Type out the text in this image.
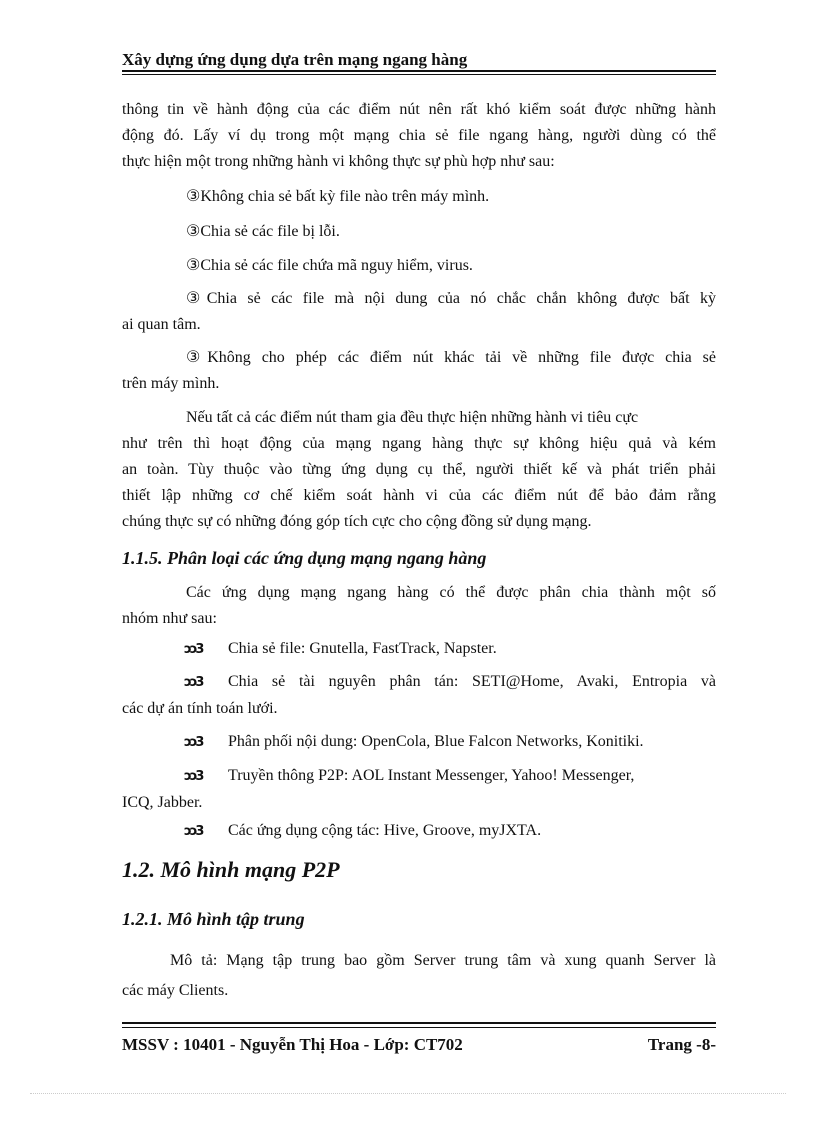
Xây dựng ứng dụng dựa trên mạng ngang hàng
thông tin về hành động của các điểm nút nên rất khó kiểm soát được những hành
động đó. Lấy ví dụ trong một mạng chia sẻ file ngang hàng, người dùng có thể
thực hiện một trong những hành vi không thực sự phù hợp như sau:
③Không chia sẻ bất kỳ file nào trên máy mình.
③Chia sẻ các file bị lỗi.
③Chia sẻ các file chứa mã nguy hiểm, virus.
③Chia sẻ các file mà nội dung của nó chắc chắn không được bất kỳ
ai quan tâm.
③Không cho phép các điểm nút khác tải về những file được chia sẻ
trên máy mình.
Nếu tất cả các điểm nút tham gia đều thực hiện những hành vi tiêu cực
như trên thì hoạt động của mạng ngang hàng thực sự không hiệu quả và kém
an toàn. Tùy thuộc vào từng ứng dụng cụ thể, người thiết kế và phát triển phải
thiết lập những cơ chế kiểm soát hành vi của các điểm nút để bảo đảm rằng
chúng thực sự có những đóng góp tích cực cho cộng đồng sử dụng mạng.
1.1.5. Phân loại các ứng dụng mạng ngang hàng
Các ứng dụng mạng ngang hàng có thể được phân chia thành một số
nhóm như sau:
ↄↄ3 Chia sẻ file: Gnutella, FastTrack, Napster.
ↄↄ3 Chia sẻ tài nguyên phân tán: SETI@Home, Avaki, Entropia và
các dự án tính toán lưới.
ↄↄ3 Phân phối nội dung: OpenCola, Blue Falcon Networks, Konitiki.
ↄↄ3 Truyền thông P2P: AOL Instant Messenger, Yahoo! Messenger,
ICQ, Jabber.
ↄↄ3 Các ứng dụng cộng tác: Hive, Groove, myJXTA.
1.2. Mô hình mạng P2P
1.2.1. Mô hình tập trung
Mô tả: Mạng tập trung bao gồm Server trung tâm và xung quanh Server là
các máy Clients.
MSSV : 10401 - Nguyễn Thị Hoa - Lớp: CT702	Trang -8-
